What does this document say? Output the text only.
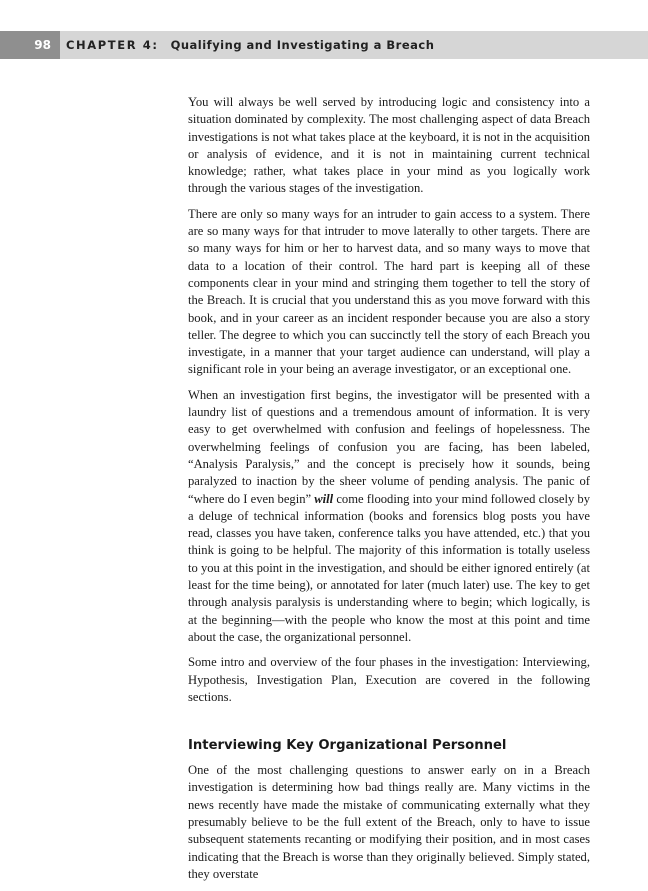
98	CHAPTER 4: Qualifying and Investigating a Breach

You will always be well served by introducing logic and consistency into a situation dominated by complexity. The most challenging aspect of data Breach investigations is not what takes place at the keyboard, it is not in the acquisition or analysis of evidence, and it is not in maintaining current technical knowledge; rather, what takes place in your mind as you logically work through the various stages of the investigation.

There are only so many ways for an intruder to gain access to a system. There are so many ways for that intruder to move laterally to other targets. There are so many ways for him or her to harvest data, and so many ways to move that data to a location of their control. The hard part is keeping all of these components clear in your mind and stringing them together to tell the story of the Breach. It is crucial that you understand this as you move forward with this book, and in your career as an incident responder because you are also a story teller. The degree to which you can succinctly tell the story of each Breach you investigate, in a manner that your target audience can understand, will play a significant role in your being an average investigator, or an exceptional one.

When an investigation first begins, the investigator will be presented with a laundry list of questions and a tremendous amount of information. It is very easy to get overwhelmed with confusion and feelings of hopelessness. The overwhelming feelings of confusion you are facing, has been labeled, “Analysis Paralysis,” and the concept is precisely how it sounds, being paralyzed to inaction by the sheer volume of pending analysis. The panic of “where do I even begin” will come flooding into your mind followed closely by a deluge of technical information (books and forensics blog posts you have read, classes you have taken, conference talks you have attended, etc.) that you think is going to be helpful. The majority of this information is totally useless to you at this point in the investigation, and should be either ignored entirely (at least for the time being), or annotated for later (much later) use. The key to get through analysis paralysis is understanding where to begin; which logically, is at the beginning—with the people who know the most at this point and time about the case, the organizational personnel.

Some intro and overview of the four phases in the investigation: Interviewing, Hypothesis, Investigation Plan, Execution are covered in the following sections.

Interviewing Key Organizational Personnel

One of the most challenging questions to answer early on in a Breach investigation is determining how bad things really are. Many victims in the news recently have made the mistake of communicating externally what they presumably believe to be the full extent of the Breach, only to have to issue subsequent statements recanting or modifying their position, and in most cases indicating that the Breach is worse than they originally believed. Simply stated, they overstate
